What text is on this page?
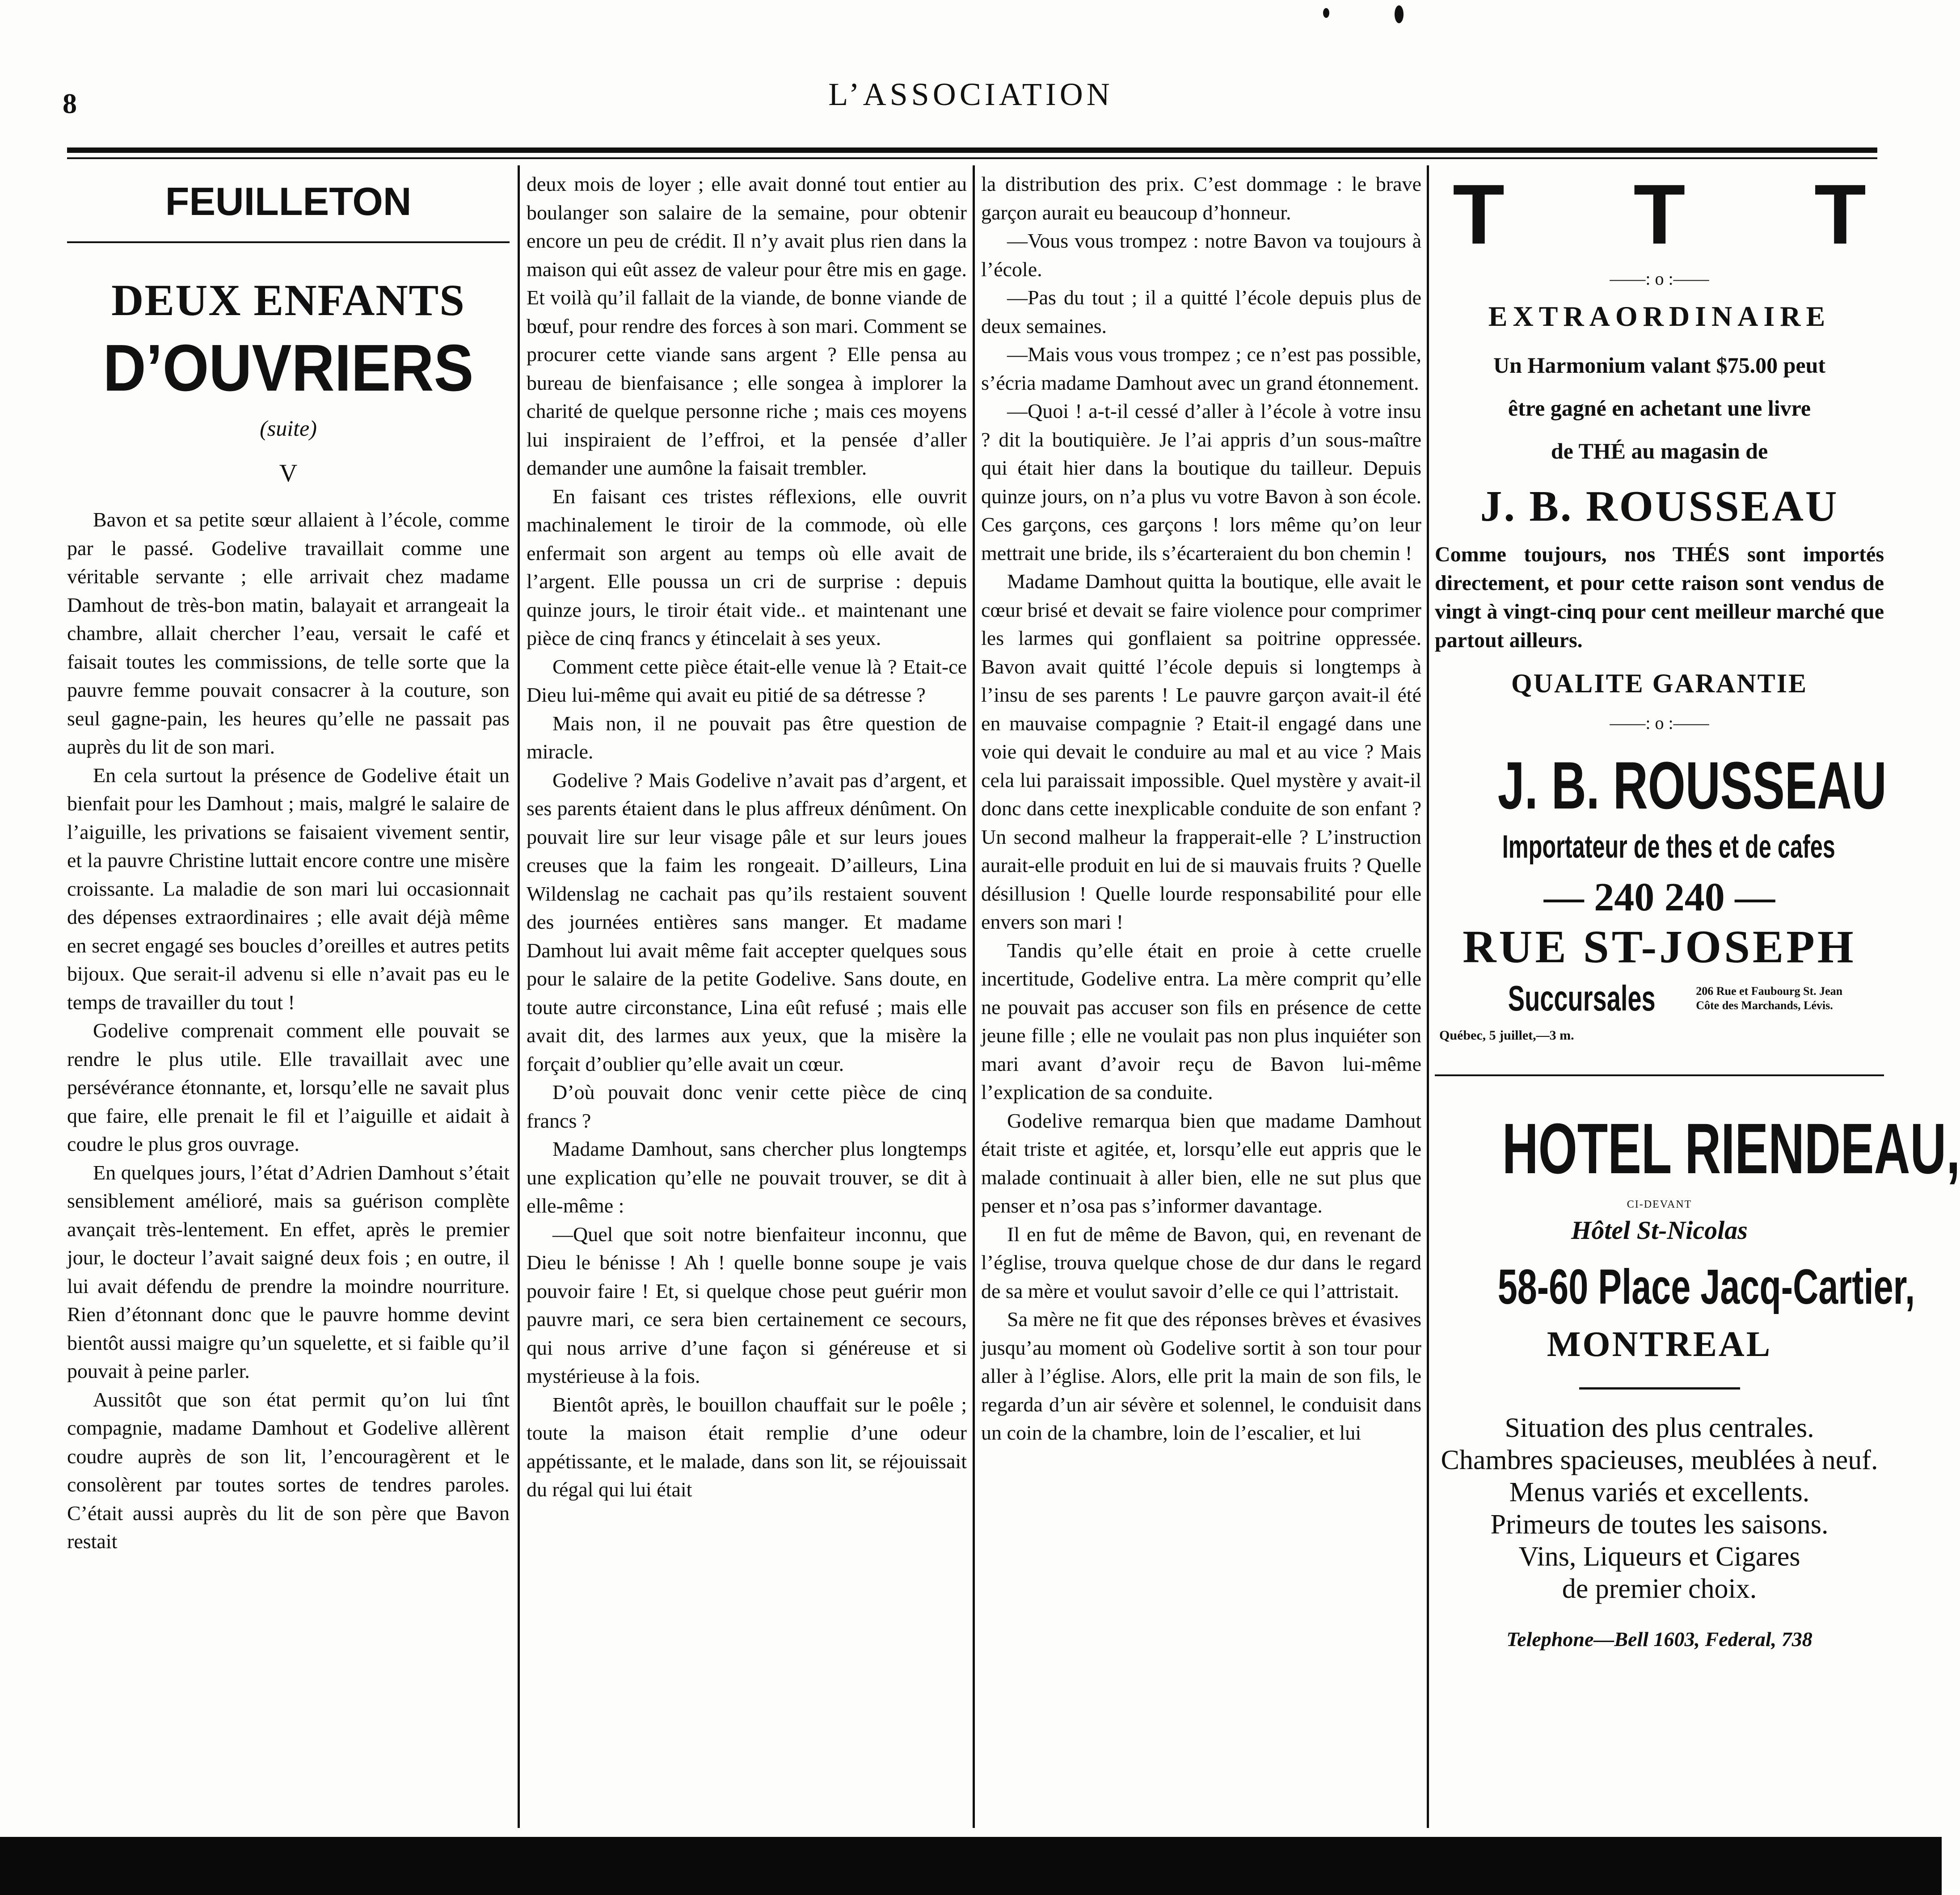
8	L’ASSOCIATION
FEUILLETON
DEUX ENFANTS
D’OUVRIERS
(suite)
V

Bavon et sa petite sœur allaient à l’école, comme par le passé. Godelive travaillait comme une véritable servante ; elle arrivait chez madame Damhout de très-bon matin, balayait et arrangeait la chambre, allait chercher l’eau, versait le café et faisait toutes les commissions, de telle sorte que la pauvre femme pouvait consacrer à la couture, son seul gagne-pain, les heures qu’elle ne passait pas auprès du lit de son mari.

En cela surtout la présence de Godelive était un bienfait pour les Damhout ; mais, malgré le salaire de l’aiguille, les privations se faisaient vivement sentir, et la pauvre Christine luttait encore contre une misère croissante. La maladie de son mari lui occasionnait des dépenses extraordinaires ; elle avait déjà même en secret engagé ses boucles d’oreilles et autres petits bijoux. Que serait-il advenu si elle n’avait pas eu le temps de travailler du tout !

Godelive comprenait comment elle pouvait se rendre le plus utile. Elle travaillait avec une persévérance étonnante, et, lorsqu’elle ne savait plus que faire, elle prenait le fil et l’aiguille et aidait à coudre le plus gros ouvrage.

En quelques jours, l’état d’Adrien Damhout s’était sensiblement amélioré, mais sa guérison complète avançait très-lentement. En effet, après le premier jour, le docteur l’avait saigné deux fois ; en outre, il lui avait défendu de prendre la moindre nourriture. Rien d’étonnant donc que le pauvre homme devint bientôt aussi maigre qu’un squelette, et si faible qu’il pouvait à peine parler.

Aussitôt que son état permit qu’on lui tînt compagnie, madame Damhout et Godelive allèrent coudre auprès de son lit, l’encouragèrent et le consolèrent par toutes sortes de tendres paroles. C’était aussi auprès du lit de son père que Bavon restait

deux mois de loyer ; elle avait donné tout entier au boulanger son salaire de la semaine, pour obtenir encore un peu de crédit. Il n’y avait plus rien dans la maison qui eût assez de valeur pour être mis en gage. Et voilà qu’il fallait de la viande, de bonne viande de bœuf, pour rendre des forces à son mari. Comment se procurer cette viande sans argent ? Elle pensa au bureau de bienfaisance ; elle songea à implorer la charité de quelque personne riche ; mais ces moyens lui inspiraient de l’effroi, et la pensée d’aller demander une aumône la faisait trembler.

En faisant ces tristes réflexions, elle ouvrit machinalement le tiroir de la commode, où elle enfermait son argent au temps où elle avait de l’argent. Elle poussa un cri de surprise : depuis quinze jours, le tiroir était vide.. et maintenant une pièce de cinq francs y étincelait à ses yeux.

Comment cette pièce était-elle venue là ? Etait-ce Dieu lui-même qui avait eu pitié de sa détresse ?

Mais non, il ne pouvait pas être question de miracle.

Godelive ? Mais Godelive n’avait pas d’argent, et ses parents étaient dans le plus affreux dénûment. On pouvait lire sur leur visage pâle et sur leurs joues creuses que la faim les rongeait. D’ailleurs, Lina Wildenslag ne cachait pas qu’ils restaient souvent des journées entières sans manger. Et madame Damhout lui avait même fait accepter quelques sous pour le salaire de la petite Godelive. Sans doute, en toute autre circonstance, Lina eût refusé ; mais elle avait dit, des larmes aux yeux, que la misère la forçait d’oublier qu’elle avait un cœur.

D’où pouvait donc venir cette pièce de cinq francs ?

Madame Damhout, sans chercher plus longtemps une explication qu’elle ne pouvait trouver, se dit à elle-même :

—Quel que soit notre bienfaiteur inconnu, que Dieu le bénisse ! Ah ! quelle bonne soupe je vais pouvoir faire ! Et, si quelque chose peut guérir mon pauvre mari, ce sera bien certainement ce secours, qui nous arrive d’une façon si généreuse et si mystérieuse à la fois.

Bientôt après, le bouillon chauffait sur le poêle ; toute la maison était remplie d’une odeur appétissante, et le malade, dans son lit, se réjouissait du régal qui lui était

la distribution des prix. C’est dommage : le brave garçon aurait eu beaucoup d’honneur.

—Vous vous trompez : notre Bavon va toujours à l’école.

—Pas du tout ; il a quitté l’école depuis plus de deux semaines.

—Mais vous vous trompez ; ce n’est pas possible, s’écria madame Damhout avec un grand étonnement.

—Quoi ! a-t-il cessé d’aller à l’école à votre insu ? dit la boutiquière. Je l’ai appris d’un sous-maître qui était hier dans la boutique du tailleur. Depuis quinze jours, on n’a plus vu votre Bavon à son école. Ces garçons, ces garçons ! lors même qu’on leur mettrait une bride, ils s’écarteraient du bon chemin !

Madame Damhout quitta la boutique, elle avait le cœur brisé et devait se faire violence pour comprimer les larmes qui gonflaient sa poitrine oppressée. Bavon avait quitté l’école depuis si longtemps à l’insu de ses parents ! Le pauvre garçon avait-il été en mauvaise compagnie ? Etait-il engagé dans une voie qui devait le conduire au mal et au vice ? Mais cela lui paraissait impossible. Quel mystère y avait-il donc dans cette inexplicable conduite de son enfant ? Un second malheur la frapperait-elle ? L’instruction aurait-elle produit en lui de si mauvais fruits ? Quelle désillusion ! Quelle lourde responsabilité pour elle envers son mari !

Tandis qu’elle était en proie à cette cruelle incertitude, Godelive entra. La mère comprit qu’elle ne pouvait pas accuser son fils en présence de cette jeune fille ; elle ne voulait pas non plus inquiéter son mari avant d’avoir reçu de Bavon lui-même l’explication de sa conduite.

Godelive remarqua bien que madame Damhout était triste et agitée, et, lorsqu’elle eut appris que le malade continuait à aller bien, elle ne sut plus que penser et n’osa pas s’informer davantage.

Il en fut de même de Bavon, qui, en revenant de l’église, trouva quelque chose de dur dans le regard de sa mère et voulut savoir d’elle ce qui l’attristait.

Sa mère ne fit que des réponses brèves et évasives jusqu’au moment où Godelive sortit à son tour pour aller à l’église. Alors, elle prit la main de son fils, le regarda d’un air sévère et solennel, le conduisit dans un coin de la chambre, loin de l’escalier, et lui

T T T
——: o :——
EXTRAORDINAIRE
Un Harmonium valant $75.00 peut
être gagné en achetant une livre
de THÉ au magasin de
J. B. ROUSSEAU
Comme toujours, nos THÉS sont importés directement, et pour cette raison sont vendus de vingt à vingt-cinq pour cent meilleur marché que partout ailleurs.
QUALITE GARANTIE
——: o :——
J. B. ROUSSEAU
Importateur de thes et de cafes
— 240 240 —
RUE ST-JOSEPH
Succursales	206 Rue et Faubourg St. Jean
Côte des Marchands, Lévis.
Québec, 5 juillet,—3 m.
HOTEL RIENDEAU,
CI-DEVANT
Hôtel St-Nicolas
58-60 Place Jacq-Cartier,
MONTREAL
Situation des plus centrales.
Chambres spacieuses, meublées à neuf. Menus variés et excellents.
Primeurs de toutes les saisons.
Vins, Liqueurs et Cigares
de premier choix.
Telephone—Bell 1603, Federal, 738
